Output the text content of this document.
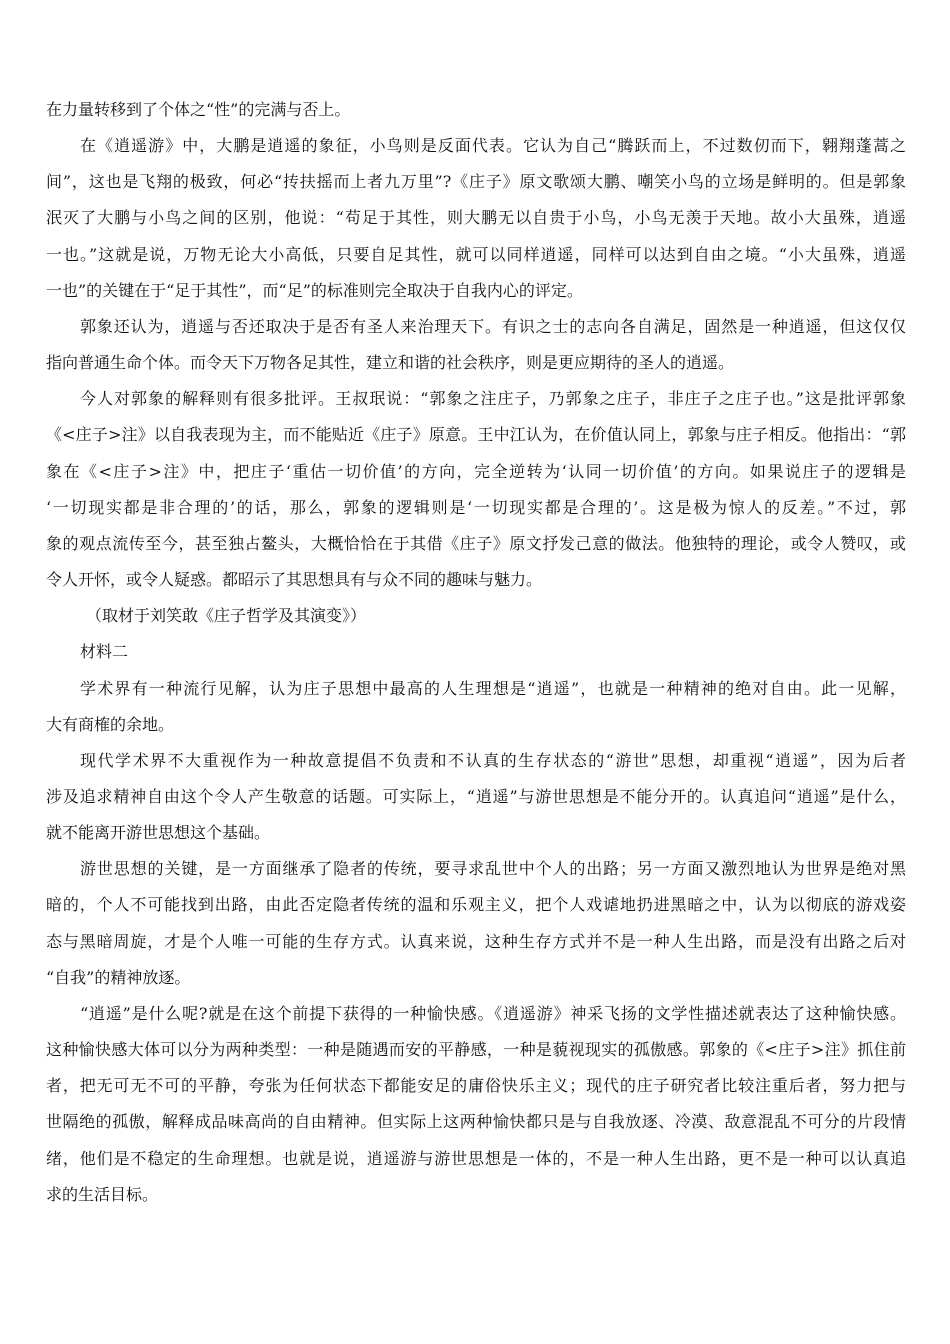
在力量转移到了个体之“性”的完满与否上。
在《逍遥游》中，大鹏是逍遥的象征，小鸟则是反面代表。它认为自己“腾跃而上，不过数仞而下，翱翔蓬蒿之
间”，这也是飞翔的极致，何必“抟扶摇而上者九万里”?《庄子》原文歌颂大鹏、嘲笑小鸟的立场是鲜明的。但是郭象
泯灭了大鹏与小鸟之间的区别，他说：“苟足于其性，则大鹏无以自贵于小鸟，小鸟无羡于天地。故小大虽殊，逍遥
一也。”这就是说，万物无论大小高低，只要自足其性，就可以同样逍遥，同样可以达到自由之境。“小大虽殊，逍遥
一也”的关键在于“足于其性”，而“足”的标准则完全取决于自我内心的评定。
郭象还认为，逍遥与否还取决于是否有圣人来治理天下。有识之士的志向各自满足，固然是一种逍遥，但这仅仅
指向普通生命个体。而令天下万物各足其性，建立和谐的社会秩序，则是更应期待的圣人的逍遥。
今人对郭象的解释则有很多批评。王叔珉说：“郭象之注庄子，乃郭象之庄子，非庄子之庄子也。”这是批评郭象
《<庄子>注》以自我表现为主，而不能贴近《庄子》原意。王中江认为，在价值认同上，郭象与庄子相反。他指出：“郭
象在《<庄子>注》中，把庄子‘重估一切价值’的方向，完全逆转为‘认同一切价值’的方向。如果说庄子的逻辑是
‘一切现实都是非合理的’的话，那么，郭象的逻辑则是‘一切现实都是合理的’。这是极为惊人的反差。”不过，郭
象的观点流传至今，甚至独占鳌头，大概恰恰在于其借《庄子》原文抒发己意的做法。他独特的理论，或令人赞叹，或
令人开怀，或令人疑惑。都昭示了其思想具有与众不同的趣味与魅力。
（取材于刘笑敢《庄子哲学及其演变》）
材料二
学术界有一种流行见解，认为庄子思想中最高的人生理想是“逍遥”，也就是一种精神的绝对自由。此一见解，
大有商榷的余地。
现代学术界不大重视作为一种故意提倡不负责和不认真的生存状态的“游世”思想，却重视“逍遥”，因为后者
涉及追求精神自由这个令人产生敬意的话题。可实际上，“逍遥”与游世思想是不能分开的。认真追问“逍遥”是什么，
就不能离开游世思想这个基础。
游世思想的关键，是一方面继承了隐者的传统，要寻求乱世中个人的出路；另一方面又激烈地认为世界是绝对黑
暗的，个人不可能找到出路，由此否定隐者传统的温和乐观主义，把个人戏谑地扔进黑暗之中，认为以彻底的游戏姿
态与黑暗周旋，才是个人唯一可能的生存方式。认真来说，这种生存方式并不是一种人生出路，而是没有出路之后对
“自我”的精神放逐。
“逍遥”是什么呢?就是在这个前提下获得的一种愉快感。《逍遥游》神采飞扬的文学性描述就表达了这种愉快感。
这种愉快感大体可以分为两种类型：一种是随遇而安的平静感，一种是藐视现实的孤傲感。郭象的《<庄子>注》抓住前
者，把无可无不可的平静，夸张为任何状态下都能安足的庸俗快乐主义；现代的庄子研究者比较注重后者，努力把与
世隔绝的孤傲，解释成品味高尚的自由精神。但实际上这两种愉快都只是与自我放逐、冷漠、敌意混乱不可分的片段情
绪，他们是不稳定的生命理想。也就是说，逍遥游与游世思想是一体的，不是一种人生出路，更不是一种可以认真追
求的生活目标。
